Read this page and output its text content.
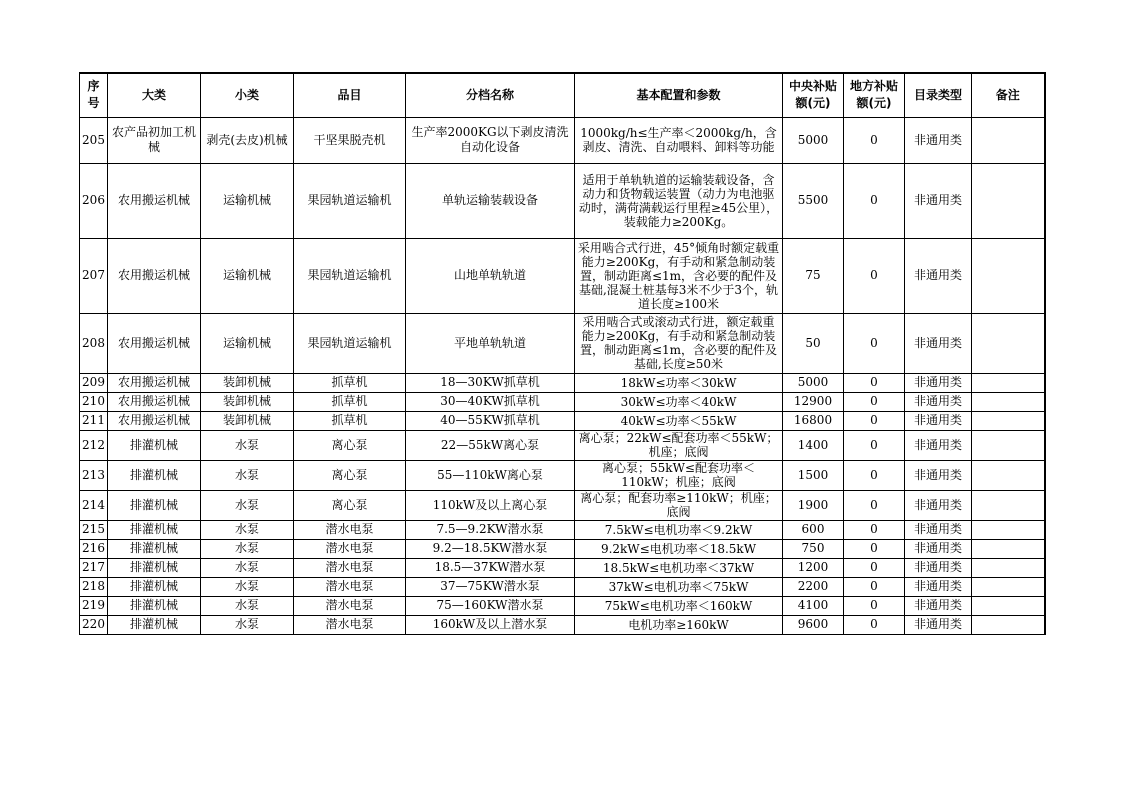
序号	大类	小类	品目	分档名称	基本配置和参数	中央补贴额(元)	地方补贴额(元)	目录类型	备注
205	农产品初加工机械	剥壳(去皮)机械	干坚果脱壳机	生产率2000KG以下剥皮清洗自动化设备	1000kg/h≤生产率＜2000kg/h，含剥皮、清洗、自动喂料、卸料等功能	5000	0	非通用类	
206	农用搬运机械	运输机械	果园轨道运输机	单轨运输装载设备	适用于单轨轨道的运输装载设备，含动力和货物载运装置（动力为电池驱动时，满荷满载运行里程≥45公里），装载能力≥200Kg。	5500	0	非通用类	
207	农用搬运机械	运输机械	果园轨道运输机	山地单轨轨道	采用啮合式行进，45°倾角时额定载重能力≥200Kg，有手动和紧急制动装置，制动距离≤1m，含必要的配件及基础,混凝土桩基每3米不少于3个，轨道长度≥100米	75	0	非通用类	
208	农用搬运机械	运输机械	果园轨道运输机	平地单轨轨道	采用啮合式或滚动式行进，额定载重能力≥200Kg，有手动和紧急制动装置，制动距离≤1m，含必要的配件及基础,长度≥50米	50	0	非通用类	
209	农用搬运机械	装卸机械	抓草机	18—30KW抓草机	18kW≤功率＜30kW	5000	0	非通用类	
210	农用搬运机械	装卸机械	抓草机	30—40KW抓草机	30kW≤功率＜40kW	12900	0	非通用类	
211	农用搬运机械	装卸机械	抓草机	40—55KW抓草机	40kW≤功率＜55kW	16800	0	非通用类	
212	排灌机械	水泵	离心泵	22—55kW离心泵	离心泵；22kW≤配套功率＜55kW；机座；底阀	1400	0	非通用类	
213	排灌机械	水泵	离心泵	55—110kW离心泵	离心泵；55kW≤配套功率＜110kW；机座；底阀	1500	0	非通用类	
214	排灌机械	水泵	离心泵	110kW及以上离心泵	离心泵；配套功率≥110kW；机座；底阀	1900	0	非通用类	
215	排灌机械	水泵	潜水电泵	7.5—9.2KW潜水泵	7.5kW≤电机功率＜9.2kW	600	0	非通用类	
216	排灌机械	水泵	潜水电泵	9.2—18.5KW潜水泵	9.2kW≤电机功率＜18.5kW	750	0	非通用类	
217	排灌机械	水泵	潜水电泵	18.5—37KW潜水泵	18.5kW≤电机功率＜37kW	1200	0	非通用类	
218	排灌机械	水泵	潜水电泵	37—75KW潜水泵	37kW≤电机功率＜75kW	2200	0	非通用类	
219	排灌机械	水泵	潜水电泵	75—160KW潜水泵	75kW≤电机功率＜160kW	4100	0	非通用类	
220	排灌机械	水泵	潜水电泵	160kW及以上潜水泵	电机功率≥160kW	9600	0	非通用类	
